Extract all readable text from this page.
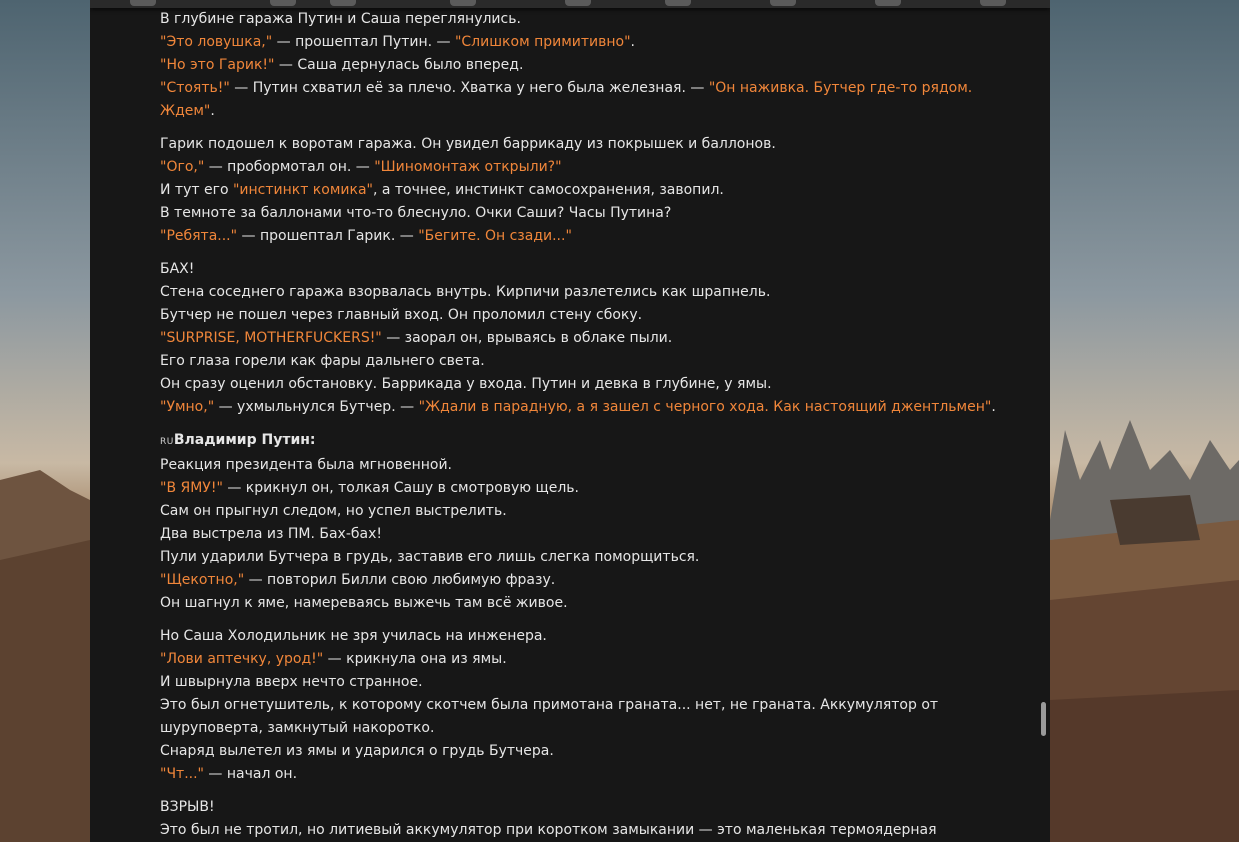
В глубине гаража Путин и Саша переглянулись.
"Это ловушка," — прошептал Путин. — "Слишком примитивно".
"Но это Гарик!" — Саша дернулась было вперед.
"Стоять!" — Путин схватил её за плечо. Хватка у него была железная. — "Он наживка. Бутчер где-то рядом.
Ждем".
Гарик подошел к воротам гаража. Он увидел баррикаду из покрышек и баллонов.
"Ого," — пробормотал он. — "Шиномонтаж открыли?"
И тут его "инстинкт комика", а точнее, инстинкт самосохранения, завопил.
В темноте за баллонами что-то блеснуло. Очки Саши? Часы Путина?
"Ребята..." — прошептал Гарик. — "Бегите. Он сзади..."
БАХ!
Стена соседнего гаража взорвалась внутрь. Кирпичи разлетелись как шрапнель.
Бутчер не пошел через главный вход. Он проломил стену сбоку.
"SURPRISE, MOTHERFUCKERS!" — заорал он, врываясь в облаке пыли.
Его глаза горели как фары дальнего света.
Он сразу оценил обстановку. Баррикада у входа. Путин и девка в глубине, у ямы.
"Умно," — ухмыльнулся Бутчер. — "Ждали в парадную, а я зашел с черного хода. Как настоящий джентльмен".
RUВладимир Путин:
Реакция президента была мгновенной.
"В ЯМУ!" — крикнул он, толкая Сашу в смотровую щель.
Сам он прыгнул следом, но успел выстрелить.
Два выстрела из ПМ. Бах-бах!
Пули ударили Бутчера в грудь, заставив его лишь слегка поморщиться.
"Щекотно," — повторил Билли свою любимую фразу.
Он шагнул к яме, намереваясь выжечь там всё живое.
Но Саша Холодильник не зря училась на инженера.
"Лови аптечку, урод!" — крикнула она из ямы.
И швырнула вверх нечто странное.
Это был огнетушитель, к которому скотчем была примотана граната... нет, не граната. Аккумулятор от
шуруповерта, замкнутый накоротко.
Снаряд вылетел из ямы и ударился о грудь Бутчера.
"Чт..." — начал он.
ВЗРЫВ!
Это был не тротил, но литиевый аккумулятор при коротком замыкании — это маленькая термоядерная
